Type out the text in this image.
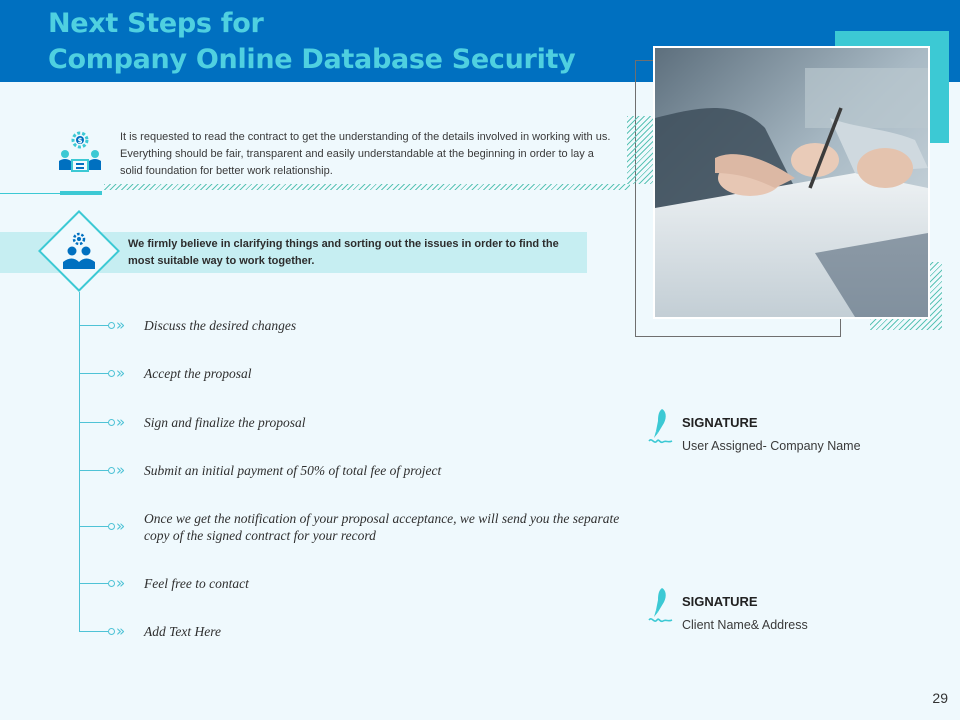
Next Steps for
Company Online Database Security
$	It is requested to read the contract to get the understanding of the details involved in working with us. Everything should be fair, transparent and easily understandable at the beginning in order to lay a solid foundation for better work relationship.
We firmly believe in clarifying things and sorting out the issues in order to find the most suitable way to work together.
» Discuss the desired changes
» Accept the proposal
» Sign and finalize the proposal
» Submit an initial payment of 50% of total fee of project
» Once we get the notification of your proposal acceptance, we will send you the separate copy of the signed contract for your record
» Feel free to contact
» Add Text Here
SIGNATURE
User Assigned- Company Name
SIGNATURE
Client Name& Address
29
